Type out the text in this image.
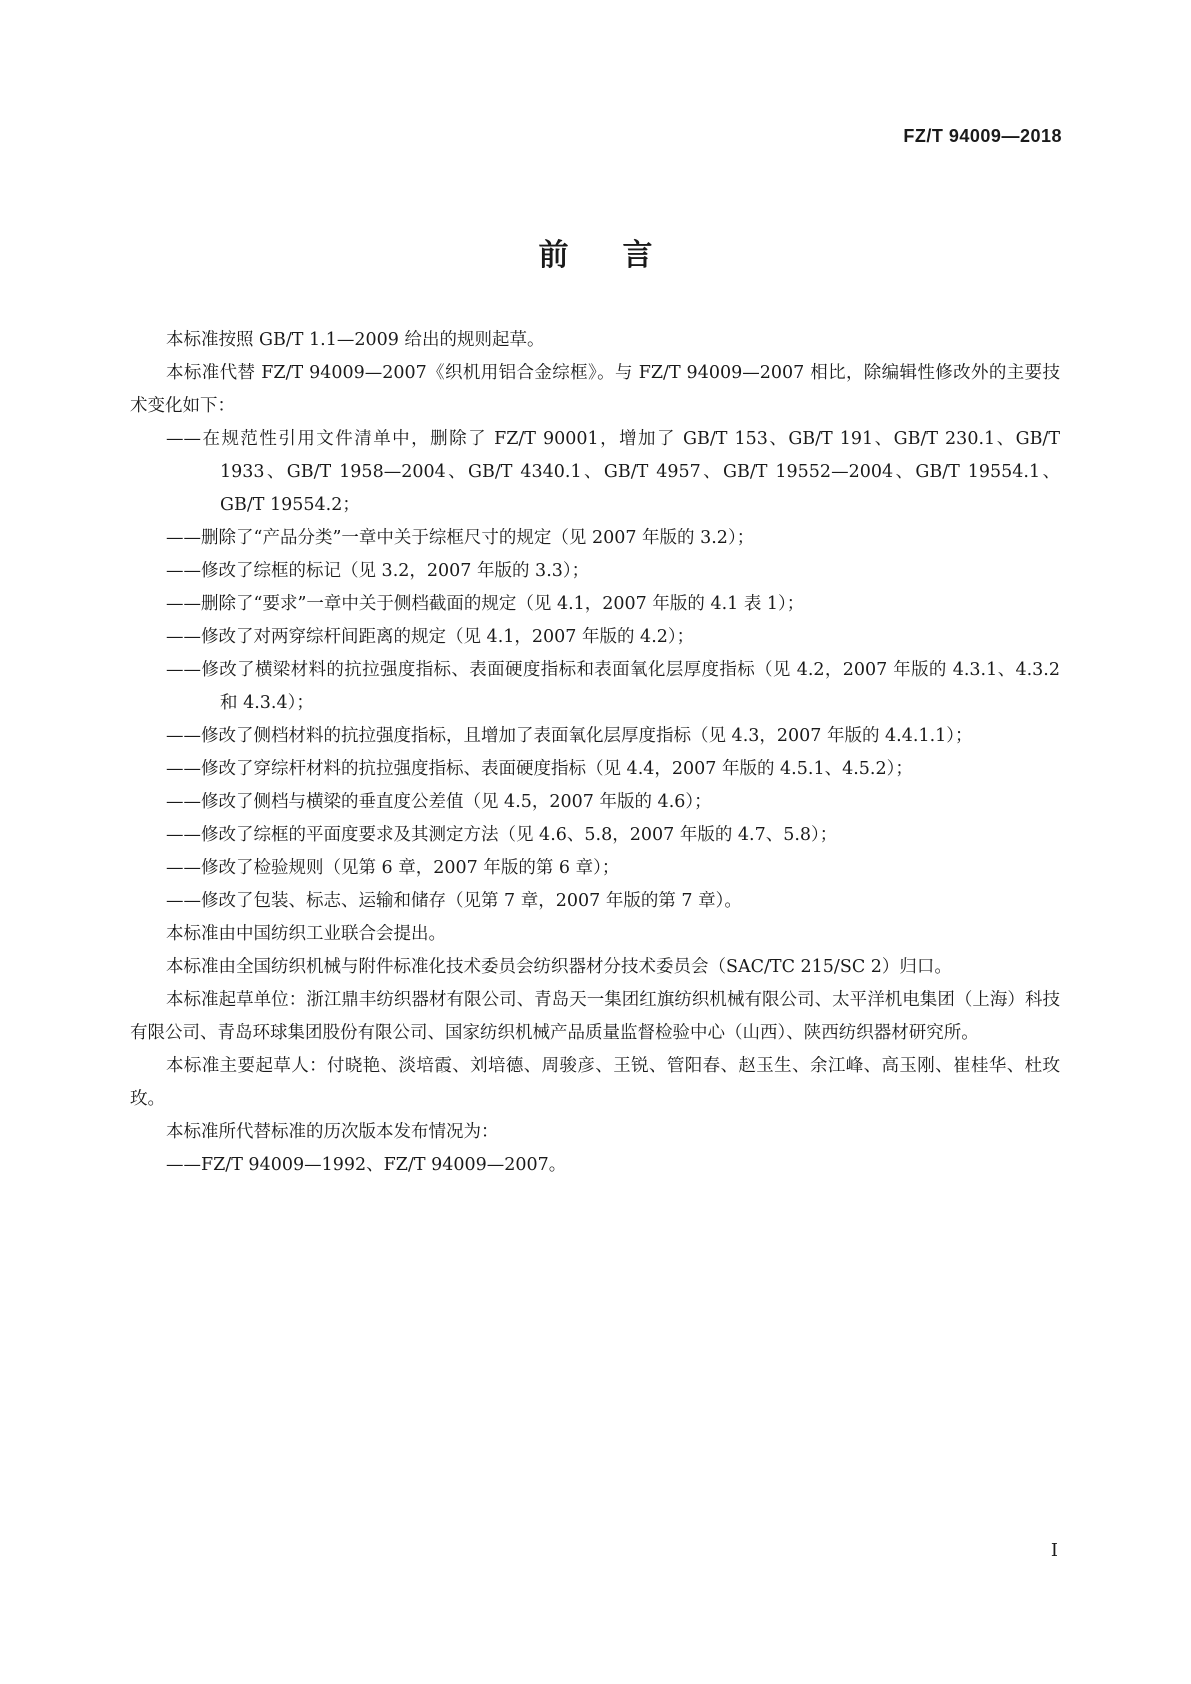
FZ/T 94009—2018
前 言

本标准按照 GB/T 1.1—2009 给出的规则起草。

本标准代替 FZ/T 94009—2007《织机用铝合金综框》。与 FZ/T 94009—2007 相比，除编辑性修改外的主要技术变化如下：

——在规范性引用文件清单中，删除了 FZ/T 90001，增加了 GB/T 153、GB/T 191、GB/T 230.1、GB/T 1933、GB/T 1958—2004、GB/T 4340.1、GB/T 4957、GB/T 19552—2004、GB/T 19554.1、GB/T 19554.2；

——删除了“产品分类”一章中关于综框尺寸的规定（见 2007 年版的 3.2）；

——修改了综框的标记（见 3.2，2007 年版的 3.3）；

——删除了“要求”一章中关于侧档截面的规定（见 4.1，2007 年版的 4.1 表 1）；

——修改了对两穿综杆间距离的规定（见 4.1，2007 年版的 4.2）；

——修改了横梁材料的抗拉强度指标、表面硬度指标和表面氧化层厚度指标（见 4.2，2007 年版的 4.3.1、4.3.2 和 4.3.4）；

——修改了侧档材料的抗拉强度指标，且增加了表面氧化层厚度指标（见 4.3，2007 年版的 4.4.1.1）；

——修改了穿综杆材料的抗拉强度指标、表面硬度指标（见 4.4，2007 年版的 4.5.1、4.5.2）；

——修改了侧档与横梁的垂直度公差值（见 4.5，2007 年版的 4.6）；

——修改了综框的平面度要求及其测定方法（见 4.6、5.8，2007 年版的 4.7、5.8）；

——修改了检验规则（见第 6 章，2007 年版的第 6 章）；

——修改了包装、标志、运输和储存（见第 7 章，2007 年版的第 7 章）。

本标准由中国纺织工业联合会提出。

本标准由全国纺织机械与附件标准化技术委员会纺织器材分技术委员会（SAC/TC 215/SC 2）归口。

本标准起草单位：浙江鼎丰纺织器材有限公司、青岛天一集团红旗纺织机械有限公司、太平洋机电集团（上海）科技有限公司、青岛环球集团股份有限公司、国家纺织机械产品质量监督检验中心（山西）、陕西纺织器材研究所。

本标准主要起草人：付晓艳、淡培霞、刘培德、周骏彦、王锐、管阳春、赵玉生、余江峰、高玉刚、崔桂华、杜玫玫。

本标准所代替标准的历次版本发布情况为：

——FZ/T 94009—1992、FZ/T 94009—2007。

I
